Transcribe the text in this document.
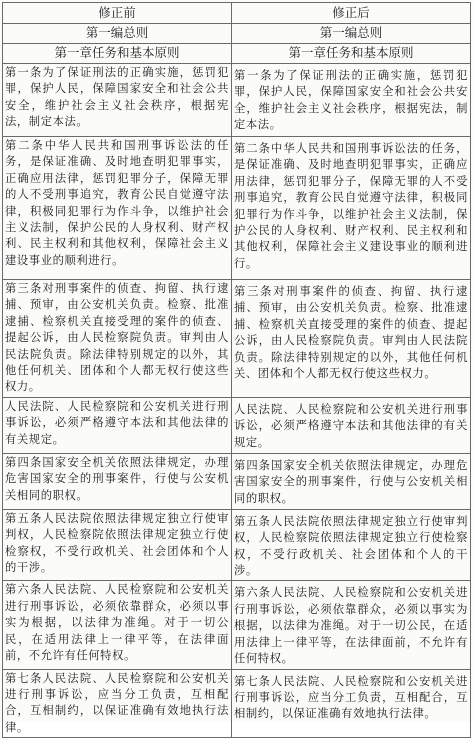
修正前	修正后
第一编总则	第一编总则
第一章任务和基本原则	第一章任务和基本原则
第一条为了保证刑法的正确实施，惩罚犯罪，保护人民，保障国家安全和社会公共安全，维护社会主义社会秩序，根据宪法，制定本法。	第一条为了保证刑法的正确实施，惩罚犯罪，保护人民，保障国家安全和社会公共安全，维护社会主义社会秩序，根据宪法，制定本法。
第二条中华人民共和国刑事诉讼法的任务，是保证准确、及时地查明犯罪事实，正确应用法律，惩罚犯罪分子，保障无罪的人不受刑事追究，教育公民自觉遵守法律，积极同犯罪行为作斗争，以维护社会主义法制，保护公民的人身权利、财产权利、民主权利和其他权利，保障社会主义建设事业的顺利进行。	第二条中华人民共和国刑事诉讼法的任务，是保证准确、及时地查明犯罪事实，正确应用法律，惩罚犯罪分子，保障无罪的人不受刑事追究，教育公民自觉遵守法律，积极同犯罪行为作斗争，以维护社会主义法制，保护公民的人身权利、财产权利、民主权利和其他权利，保障社会主义建设事业的顺利进行。
第三条对刑事案件的侦查、拘留、执行逮捕、预审，由公安机关负责。检察、批准逮捕、检察机关直接受理的案件的侦查、提起公诉，由人民检察院负责。审判由人民法院负责。除法律特别规定的以外，其他任何机关、团体和个人都无权行使这些权力。	第三条对刑事案件的侦查、拘留、执行逮捕、预审，由公安机关负责。检察、批准逮捕、检察机关直接受理的案件的侦查、提起公诉，由人民检察院负责。审判由人民法院负责。除法律特别规定的以外，其他任何机关、团体和个人都无权行使这些权力。
人民法院、人民检察院和公安机关进行刑事诉讼，必须严格遵守本法和其他法律的有关规定。	人民法院、人民检察院和公安机关进行刑事诉讼，必须严格遵守本法和其他法律的有关规定。
第四条国家安全机关依照法律规定，办理危害国家安全的刑事案件，行使与公安机关相同的职权。	第四条国家安全机关依照法律规定，办理危害国家安全的刑事案件，行使与公安机关相同的职权。
第五条人民法院依照法律规定独立行使审判权，人民检察院依照法律规定独立行使检察权，不受行政机关、社会团体和个人的干涉。	第五条人民法院依照法律规定独立行使审判权，人民检察院依照法律规定独立行使检察权，不受行政机关、社会团体和个人的干涉。
第六条人民法院、人民检察院和公安机关进行刑事诉讼，必须依靠群众，必须以事实为根据，以法律为准绳。对于一切公民，在适用法律上一律平等，在法律面前，不允许有任何特权。	第六条人民法院、人民检察院和公安机关进行刑事诉讼，必须依靠群众，必须以事实为根据，以法律为准绳。对于一切公民，在适用法律上一律平等，在法律面前，不允许有任何特权。
第七条人民法院、人民检察院和公安机关进行刑事诉讼，应当分工负责，互相配合，互相制约，以保证准确有效地执行法律。	第七条人民法院、人民检察院和公安机关进行刑事诉讼，应当分工负责，互相配合，互相制约，以保证准确有效地执行法律。
